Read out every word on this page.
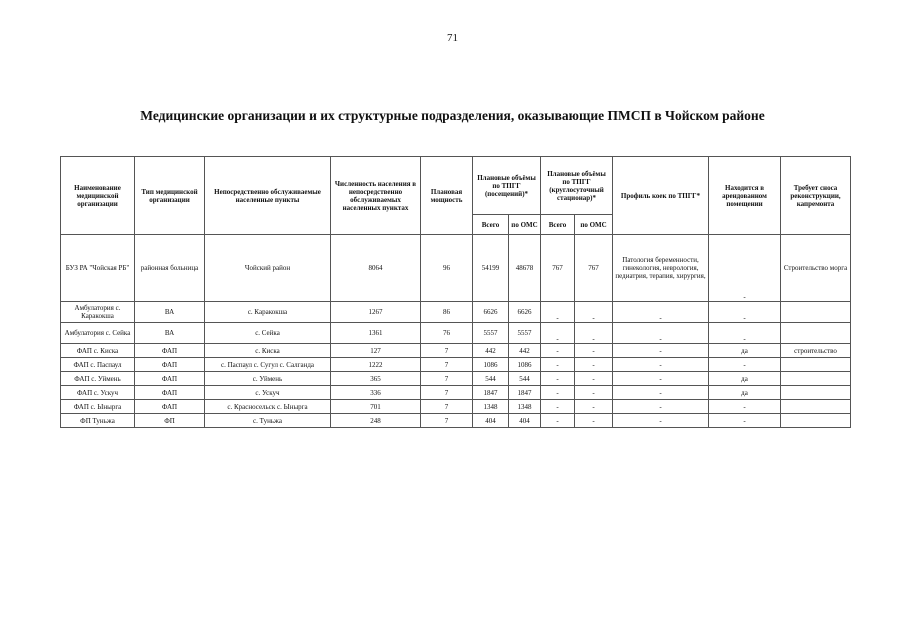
71
Медицинские организации и их структурные подразделения, оказывающие ПМСП в Чойском районе
Наименование медицинской организации	Тип медицинской организации	Непосредственно обслуживаемые населенные пункты	Численность населения в непосредственно обслуживаемых населенных пунктах	Плановая мощность	Плановые объёмы по ТПГГ (посещений)*		Плановые объёмы по ТПГГ (круглосуточный стационар)*		Профиль коек по ТПГГ*	Находится в арендованном помещении	Требует сноса реконструкции, капремонта
					Всего	по ОМС	Всего	по ОМС			
БУЗ РА "Чойская РБ"	районная больница	Чойский район	8064	96	54199	48678	767	767	Патология беременности, гинекология, неврология, педиатрия, терапия, хирургия,	-	Строительство морга
Амбулатория с. Каракокша	ВА	с. Каракокша	1267	86	6626	6626	-	-	-	-	
Амбулатория с. Сейка	ВА	с. Сейка	1361	76	5557	5557	-	-	-	-	
ФАП с. Киска	ФАП	с. Киска	127	7	442	442	-	-	-	да	строительство
ФАП с. Паспаул	ФАП	с. Паспаул с. Сугул с. Салганда	1222	7	1086	1086	-	-	-	-	
ФАП с. Уймень	ФАП	с. Уймень	365	7	544	544	-	-	-	да	
ФАП с. Ускуч	ФАП	с. Ускуч	336	7	1847	1847	-	-	-	да	
ФАП с. Ыныргa	ФАП	с. Красносельск с. Ынырга	701	7	1348	1348	-	-	-	-	
ФП Туньжа	ФП	с. Туньжа	248	7	404	404	-	-	-	-	
